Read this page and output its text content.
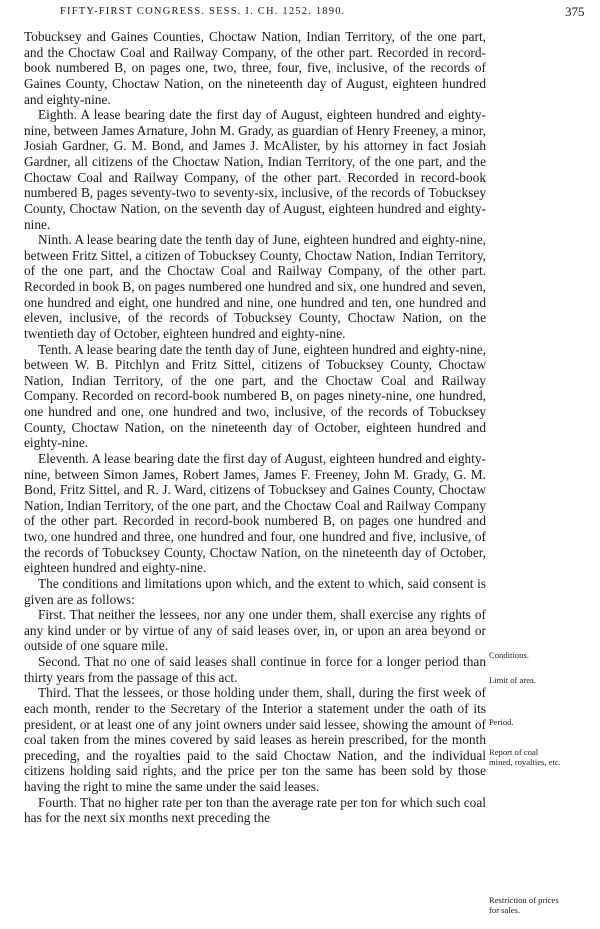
FIFTY-FIRST CONGRESS. SESS. I. CH. 1252. 1890.	375

Tobucksey and Gaines Counties, Choctaw Nation, Indian Territory, of the one part, and the Choctaw Coal and Railway Company, of the other part. Recorded in record-book numbered B, on pages one, two, three, four, five, inclusive, of the records of Gaines County, Choctaw Nation, on the nineteenth day of August, eighteen hundred and eighty-nine.

Eighth. A lease bearing date the first day of August, eighteen hundred and eighty-nine, between James Arnature, John M. Grady, as guardian of Henry Freeney, a minor, Josiah Gardner, G. M. Bond, and James J. McAlister, by his attorney in fact Josiah Gardner, all citizens of the Choctaw Nation, Indian Territory, of the one part, and the Choctaw Coal and Railway Company, of the other part. Recorded in record-book numbered B, pages seventy-two to seventy-six, inclusive, of the records of Tobucksey County, Choctaw Nation, on the seventh day of August, eighteen hundred and eighty-nine.

Ninth. A lease bearing date the tenth day of June, eighteen hundred and eighty-nine, between Fritz Sittel, a citizen of Tobucksey County, Choctaw Nation, Indian Territory, of the one part, and the Choctaw Coal and Railway Company, of the other part. Recorded in book B, on pages numbered one hundred and six, one hundred and seven, one hundred and eight, one hundred and nine, one hundred and ten, one hundred and eleven, inclusive, of the records of Tobucksey County, Choctaw Nation, on the twentieth day of October, eighteen hundred and eighty-nine.

Tenth. A lease bearing date the tenth day of June, eighteen hundred and eighty-nine, between W. B. Pitchlyn and Fritz Sittel, citizens of Tobucksey County, Choctaw Nation, Indian Territory, of the one part, and the Choctaw Coal and Railway Company. Recorded on record-book numbered B, on pages ninety-nine, one hundred, one hundred and one, one hundred and two, inclusive, of the records of Tobucksey County, Choctaw Nation, on the nineteenth day of October, eighteen hundred and eighty-nine.

Eleventh. A lease bearing date the first day of August, eighteen hundred and eighty-nine, between Simon James, Robert James, James F. Freeney, John M. Grady, G. M. Bond, Fritz Sittel, and R. J. Ward, citizens of Tobucksey and Gaines County, Choctaw Nation, Indian Territory, of the one part, and the Choctaw Coal and Railway Company of the other part. Recorded in record-book numbered B, on pages one hundred and two, one hundred and three, one hundred and four, one hundred and five, inclusive, of the records of Tobucksey County, Choctaw Nation, on the nineteenth day of October, eighteen hundred and eighty-nine.

The conditions and limitations upon which, and the extent to which, said consent is given are as follows:

First. That neither the lessees, nor any one under them, shall exercise any rights of any kind under or by virtue of any of said leases over, in, or upon an area beyond or outside of one square mile.

Second. That no one of said leases shall continue in force for a longer period than thirty years from the passage of this act.

Third. That the lessees, or those holding under them, shall, during the first week of each month, render to the Secretary of the Interior a statement under the oath of its president, or at least one of any joint owners under said lessee, showing the amount of coal taken from the mines covered by said leases as herein prescribed, for the month preceding, and the royalties paid to the said Choctaw Nation, and the individual citizens holding said rights, and the price per ton the same has been sold by those having the right to mine the same under the said leases.

Fourth. That no higher rate per ton than the average rate per ton for which such coal has for the next six months next preceding the

Conditions.
Limit of area.
Period.
Report of coal
mined, royalties, etc.
Restriction of prices
for sales.
